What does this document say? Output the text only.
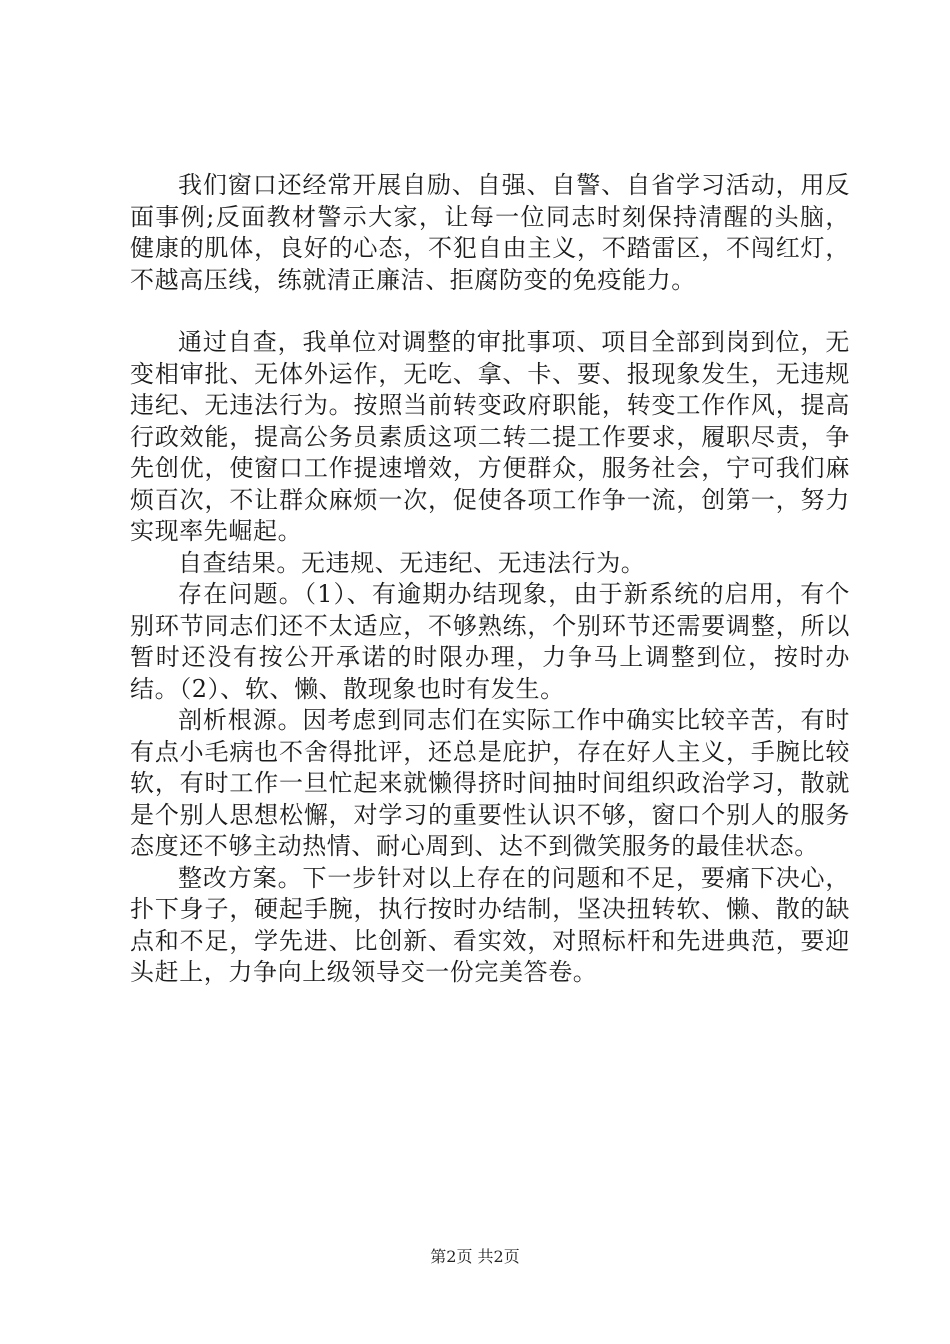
我们窗口还经常开展自励、自强、自警、自省学习活动，用反面事例;反面教材警示大家，让每一位同志时刻保持清醒的头脑，健康的肌体，良好的心态，不犯自由主义，不踏雷区，不闯红灯，不越高压线，练就清正廉洁、拒腐防变的免疫能力。

通过自查，我单位对调整的审批事项、项目全部到岗到位，无变相审批、无体外运作，无吃、拿、卡、要、报现象发生，无违规违纪、无违法行为。按照当前转变政府职能，转变工作作风，提高行政效能，提高公务员素质这项二转二提工作要求，履职尽责，争先创优，使窗口工作提速增效，方便群众，服务社会，宁可我们麻烦百次，不让群众麻烦一次，促使各项工作争一流，创第一，努力实现率先崛起。

自查结果。无违规、无违纪、无违法行为。

存在问题。（1）、有逾期办结现象，由于新系统的启用，有个别环节同志们还不太适应，不够熟练，个别环节还需要调整，所以暂时还没有按公开承诺的时限办理，力争马上调整到位，按时办结。（2）、软、懒、散现象也时有发生。

剖析根源。因考虑到同志们在实际工作中确实比较辛苦，有时有点小毛病也不舍得批评，还总是庇护，存在好人主义，手腕比较软，有时工作一旦忙起来就懒得挤时间抽时间组织政治学习，散就是个别人思想松懈，对学习的重要性认识不够，窗口个别人的服务态度还不够主动热情、耐心周到、达不到微笑服务的最佳状态。

整改方案。下一步针对以上存在的问题和不足，要痛下决心，扑下身子，硬起手腕，执行按时办结制，坚决扭转软、懒、散的缺点和不足，学先进、比创新、看实效，对照标杆和先进典范，要迎头赶上，力争向上级领导交一份完美答卷。

第2页 共2页
